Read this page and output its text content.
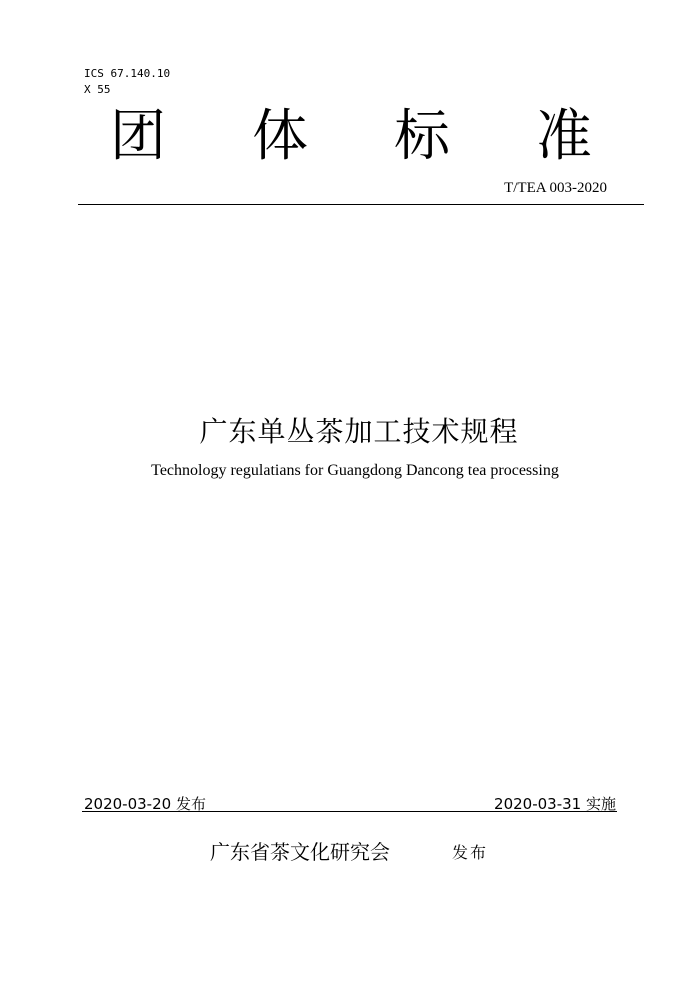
ICS 67.140.10
X 55
团 体 标 准
T/TEA 003-2020
广东单丛茶加工技术规程
Technology regulatians for Guangdong Dancong tea processing
2020-03-20 发布	2020-03-31 实施
广东省茶文化研究会	发布
